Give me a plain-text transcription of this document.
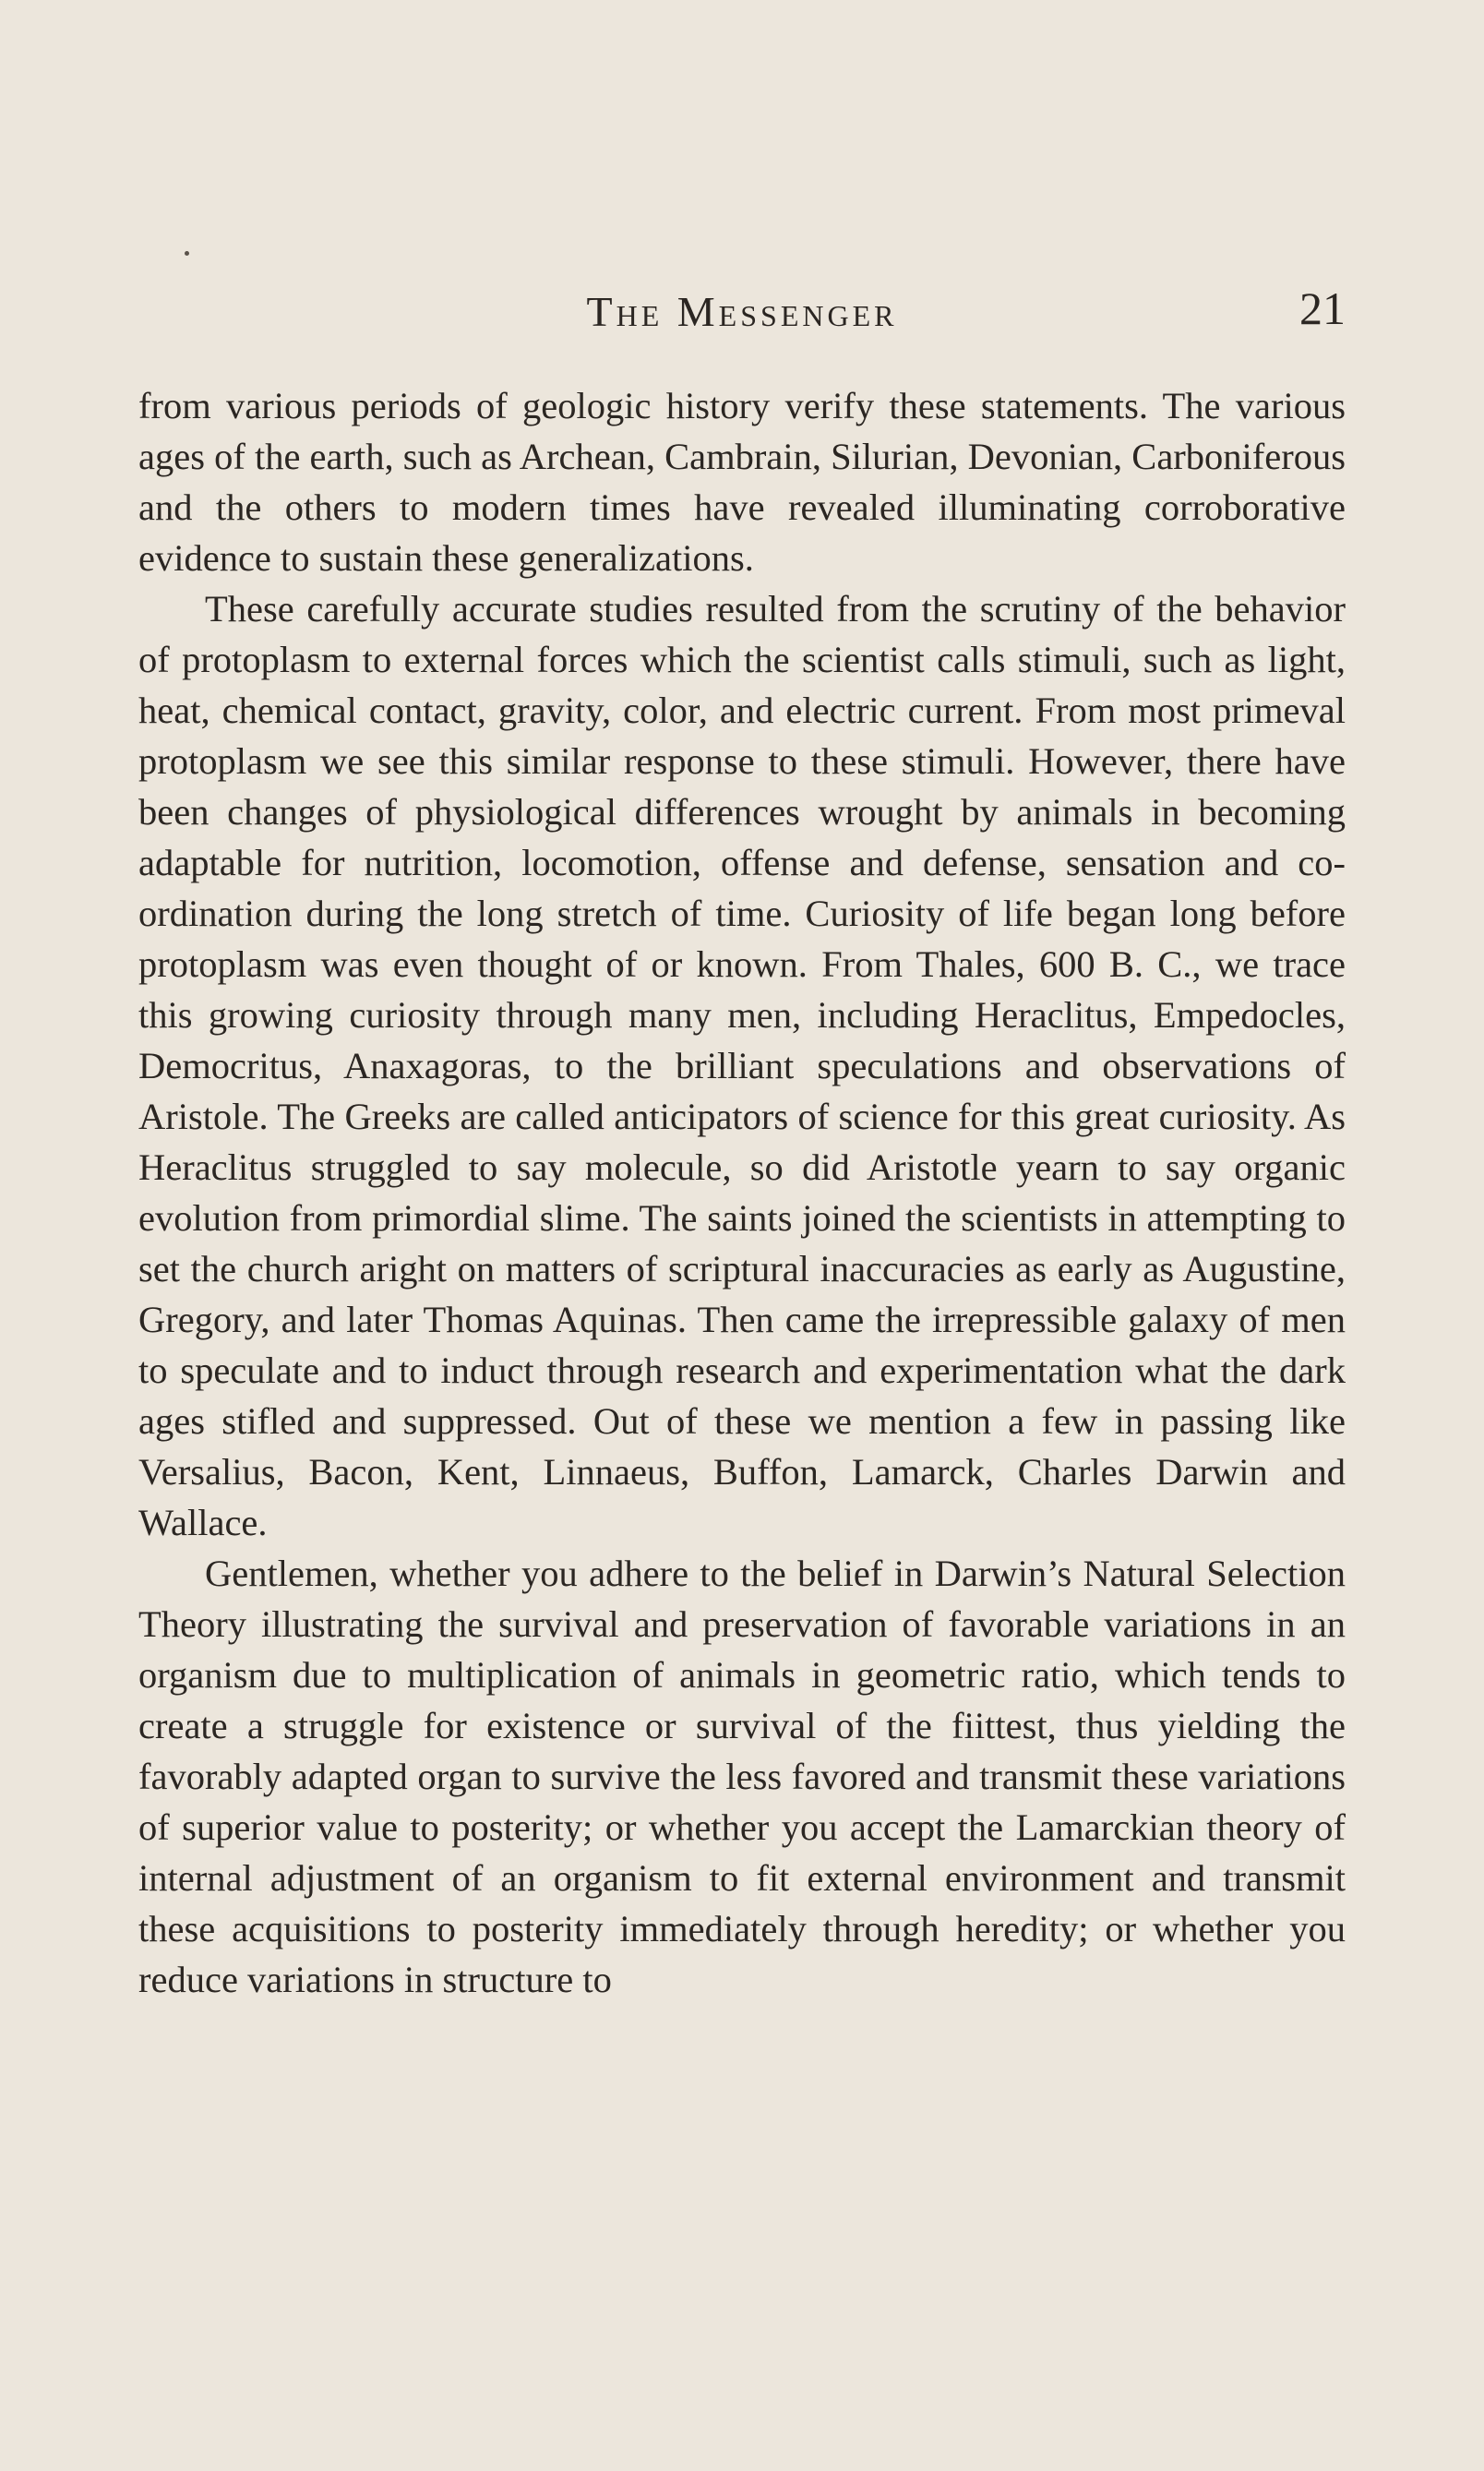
The Messenger	21

from various periods of geologic history verify these statements. The various ages of the earth, such as Archean, Cambrain, Silurian, Devonian, Carboniferous and the others to modern times have revealed illuminating corroborative evidence to sustain these generalizations.

These carefully accurate studies resulted from the scrutiny of the behavior of protoplasm to external forces which the scientist calls stimuli, such as light, heat, chemical contact, gravity, color, and electric current. From most primeval protoplasm we see this similar response to these stimuli. However, there have been changes of physiological differences wrought by animals in becoming adaptable for nutrition, locomotion, offense and defense, sensation and co-ordination during the long stretch of time. Curiosity of life began long before protoplasm was even thought of or known. From Thales, 600 B. C., we trace this growing curiosity through many men, including Heraclitus, Empedocles, Democritus, Anaxagoras, to the brilliant speculations and observations of Aristole. The Greeks are called anticipators of science for this great curiosity. As Heraclitus struggled to say molecule, so did Aristotle yearn to say organic evolution from primordial slime. The saints joined the scientists in attempting to set the church aright on matters of scriptural inaccuracies as early as Augustine, Gregory, and later Thomas Aquinas. Then came the irrepressible galaxy of men to speculate and to induct through research and experimentation what the dark ages stifled and suppressed. Out of these we mention a few in passing like Versalius, Bacon, Kent, Linnaeus, Buffon, Lamarck, Charles Darwin and Wallace.

Gentlemen, whether you adhere to the belief in Darwin’s Natural Selection Theory illustrating the survival and preservation of favorable variations in an organism due to multiplication of animals in geometric ratio, which tends to create a struggle for existence or survival of the fiittest, thus yielding the favorably adapted organ to survive the less favored and transmit these variations of superior value to posterity; or whether you accept the Lamarckian theory of internal adjustment of an organism to fit external environment and transmit these acquisitions to posterity immediately through heredity; or whether you reduce variations in structure to
